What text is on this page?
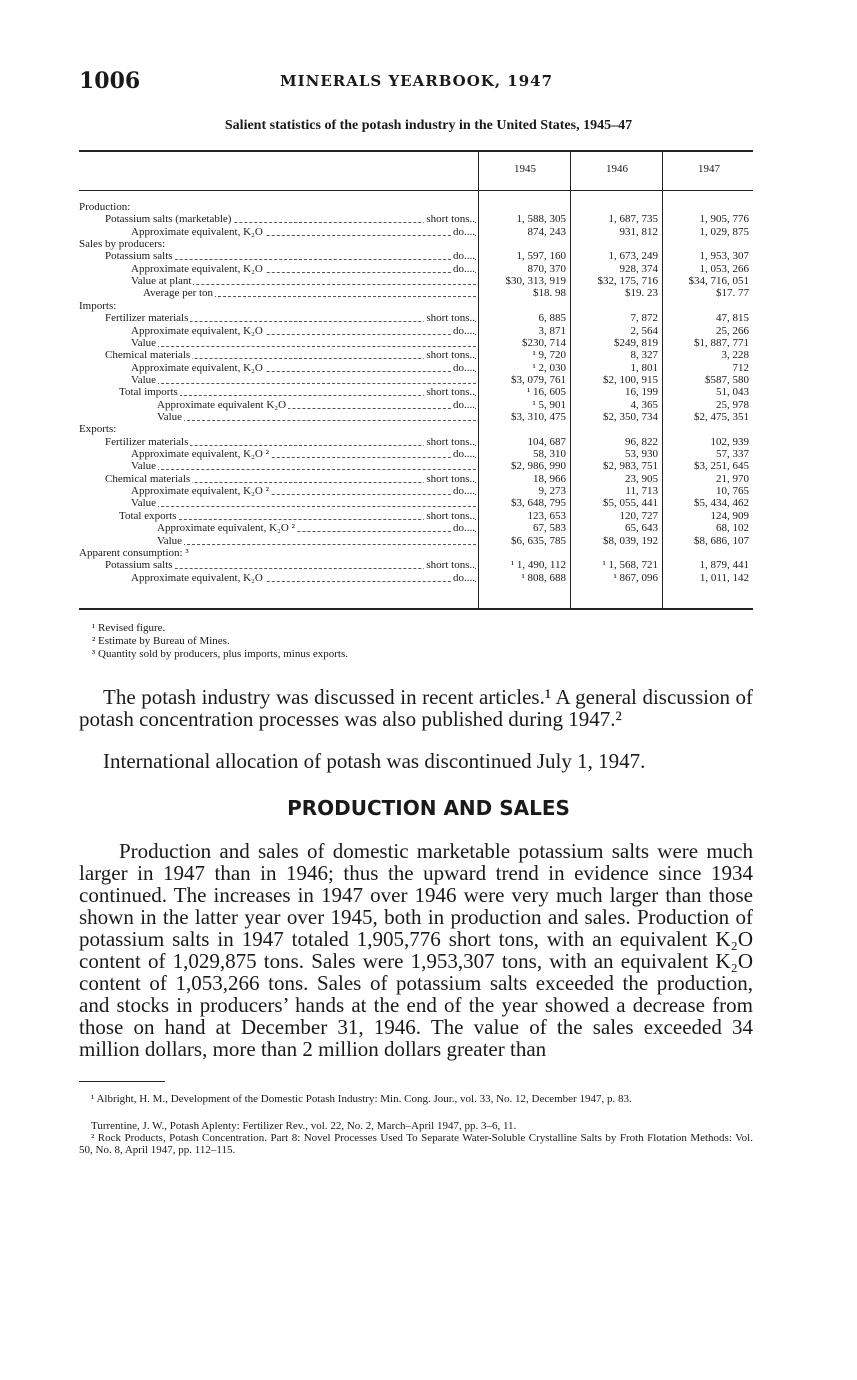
1006	MINERALS YEARBOOK, 1947
Salient statistics of the potash industry in the United States, 1945–47
1945	1946	1947
Production:
Potassium salts (marketable)	short tons..	1, 588, 305	1, 687, 735	1, 905, 776
Approximate equivalent, K₂O	do....	874, 243	931, 812	1, 029, 875
Sales by producers:
Potassium salts	do....	1, 597, 160	1, 673, 249	1, 953, 307
Approximate equivalent, K₂O	do....	870, 370	928, 374	1, 053, 266
Value at plant	$30, 313, 919	$32, 175, 716	$34, 716, 051
Average per ton	$18. 98	$19. 23	$17. 77
Imports:
Fertilizer materials	short tons..	6, 885	7, 872	47, 815
Approximate equivalent, K₂O	do....	3, 871	2, 564	25, 266
Value	$230, 714	$249, 819	$1, 887, 771
Chemical materials	short tons..	¹ 9, 720	8, 327	3, 228
Approximate equivalent, K₂O	do....	¹ 2, 030	1, 801	712
Value	$3, 079, 761	$2, 100, 915	$587, 580
Total imports	short tons..	¹ 16, 605	16, 199	51, 043
Approximate equivalent K₂O	do....	¹ 5, 901	4, 365	25, 978
Value	$3, 310, 475	$2, 350, 734	$2, 475, 351
Exports:
Fertilizer materials	short tons..	104, 687	96, 822	102, 939
Approximate equivalent, K₂O ²	do....	58, 310	53, 930	57, 337
Value	$2, 986, 990	$2, 983, 751	$3, 251, 645
Chemical materials	short tons..	18, 966	23, 905	21, 970
Approximate equivalent, K₂O ²	do....	9, 273	11, 713	10, 765
Value	$3, 648, 795	$5, 055, 441	$5, 434, 462
Total exports	short tons..	123, 653	120, 727	124, 909
Approximate equivalent, K₂O ²	do....	67, 583	65, 643	68, 102
Value	$6, 635, 785	$8, 039, 192	$8, 686, 107
Apparent consumption: ³
Potassium salts	short tons..	¹ 1, 490, 112	¹ 1, 568, 721	1, 879, 441
Approximate equivalent, K₂O	do....	¹ 808, 688	¹ 867, 096	1, 011, 142
¹ Revised figure.
² Estimate by Bureau of Mines.
³ Quantity sold by producers, plus imports, minus exports.
The potash industry was discussed in recent articles.¹ A general discussion of potash concentration processes was also published during 1947.²
International allocation of potash was discontinued July 1, 1947.
PRODUCTION AND SALES
Production and sales of domestic marketable potassium salts were much larger in 1947 than in 1946; thus the upward trend in evidence since 1934 continued. The increases in 1947 over 1946 were very much larger than those shown in the latter year over 1945, both in production and sales. Production of potassium salts in 1947 totaled 1,905,776 short tons, with an equivalent K₂O content of 1,029,875 tons. Sales were 1,953,307 tons, with an equivalent K₂O content of 1,053,266 tons. Sales of potassium salts exceeded the production, and stocks in producers’ hands at the end of the year showed a decrease from those on hand at December 31, 1946. The value of the sales exceeded 34 million dollars, more than 2 million dollars greater than
¹ Albright, H. M., Development of the Domestic Potash Industry: Min. Cong. Jour., vol. 33, No. 12, December 1947, p. 83.
Turrentine, J. W., Potash Aplenty: Fertilizer Rev., vol. 22, No. 2, March–April 1947, pp. 3–6, 11.
² Rock Products, Potash Concentration. Part 8: Novel Processes Used To Separate Water-Soluble Crystalline Salts by Froth Flotation Methods: Vol. 50, No. 8, April 1947, pp. 112–115.
